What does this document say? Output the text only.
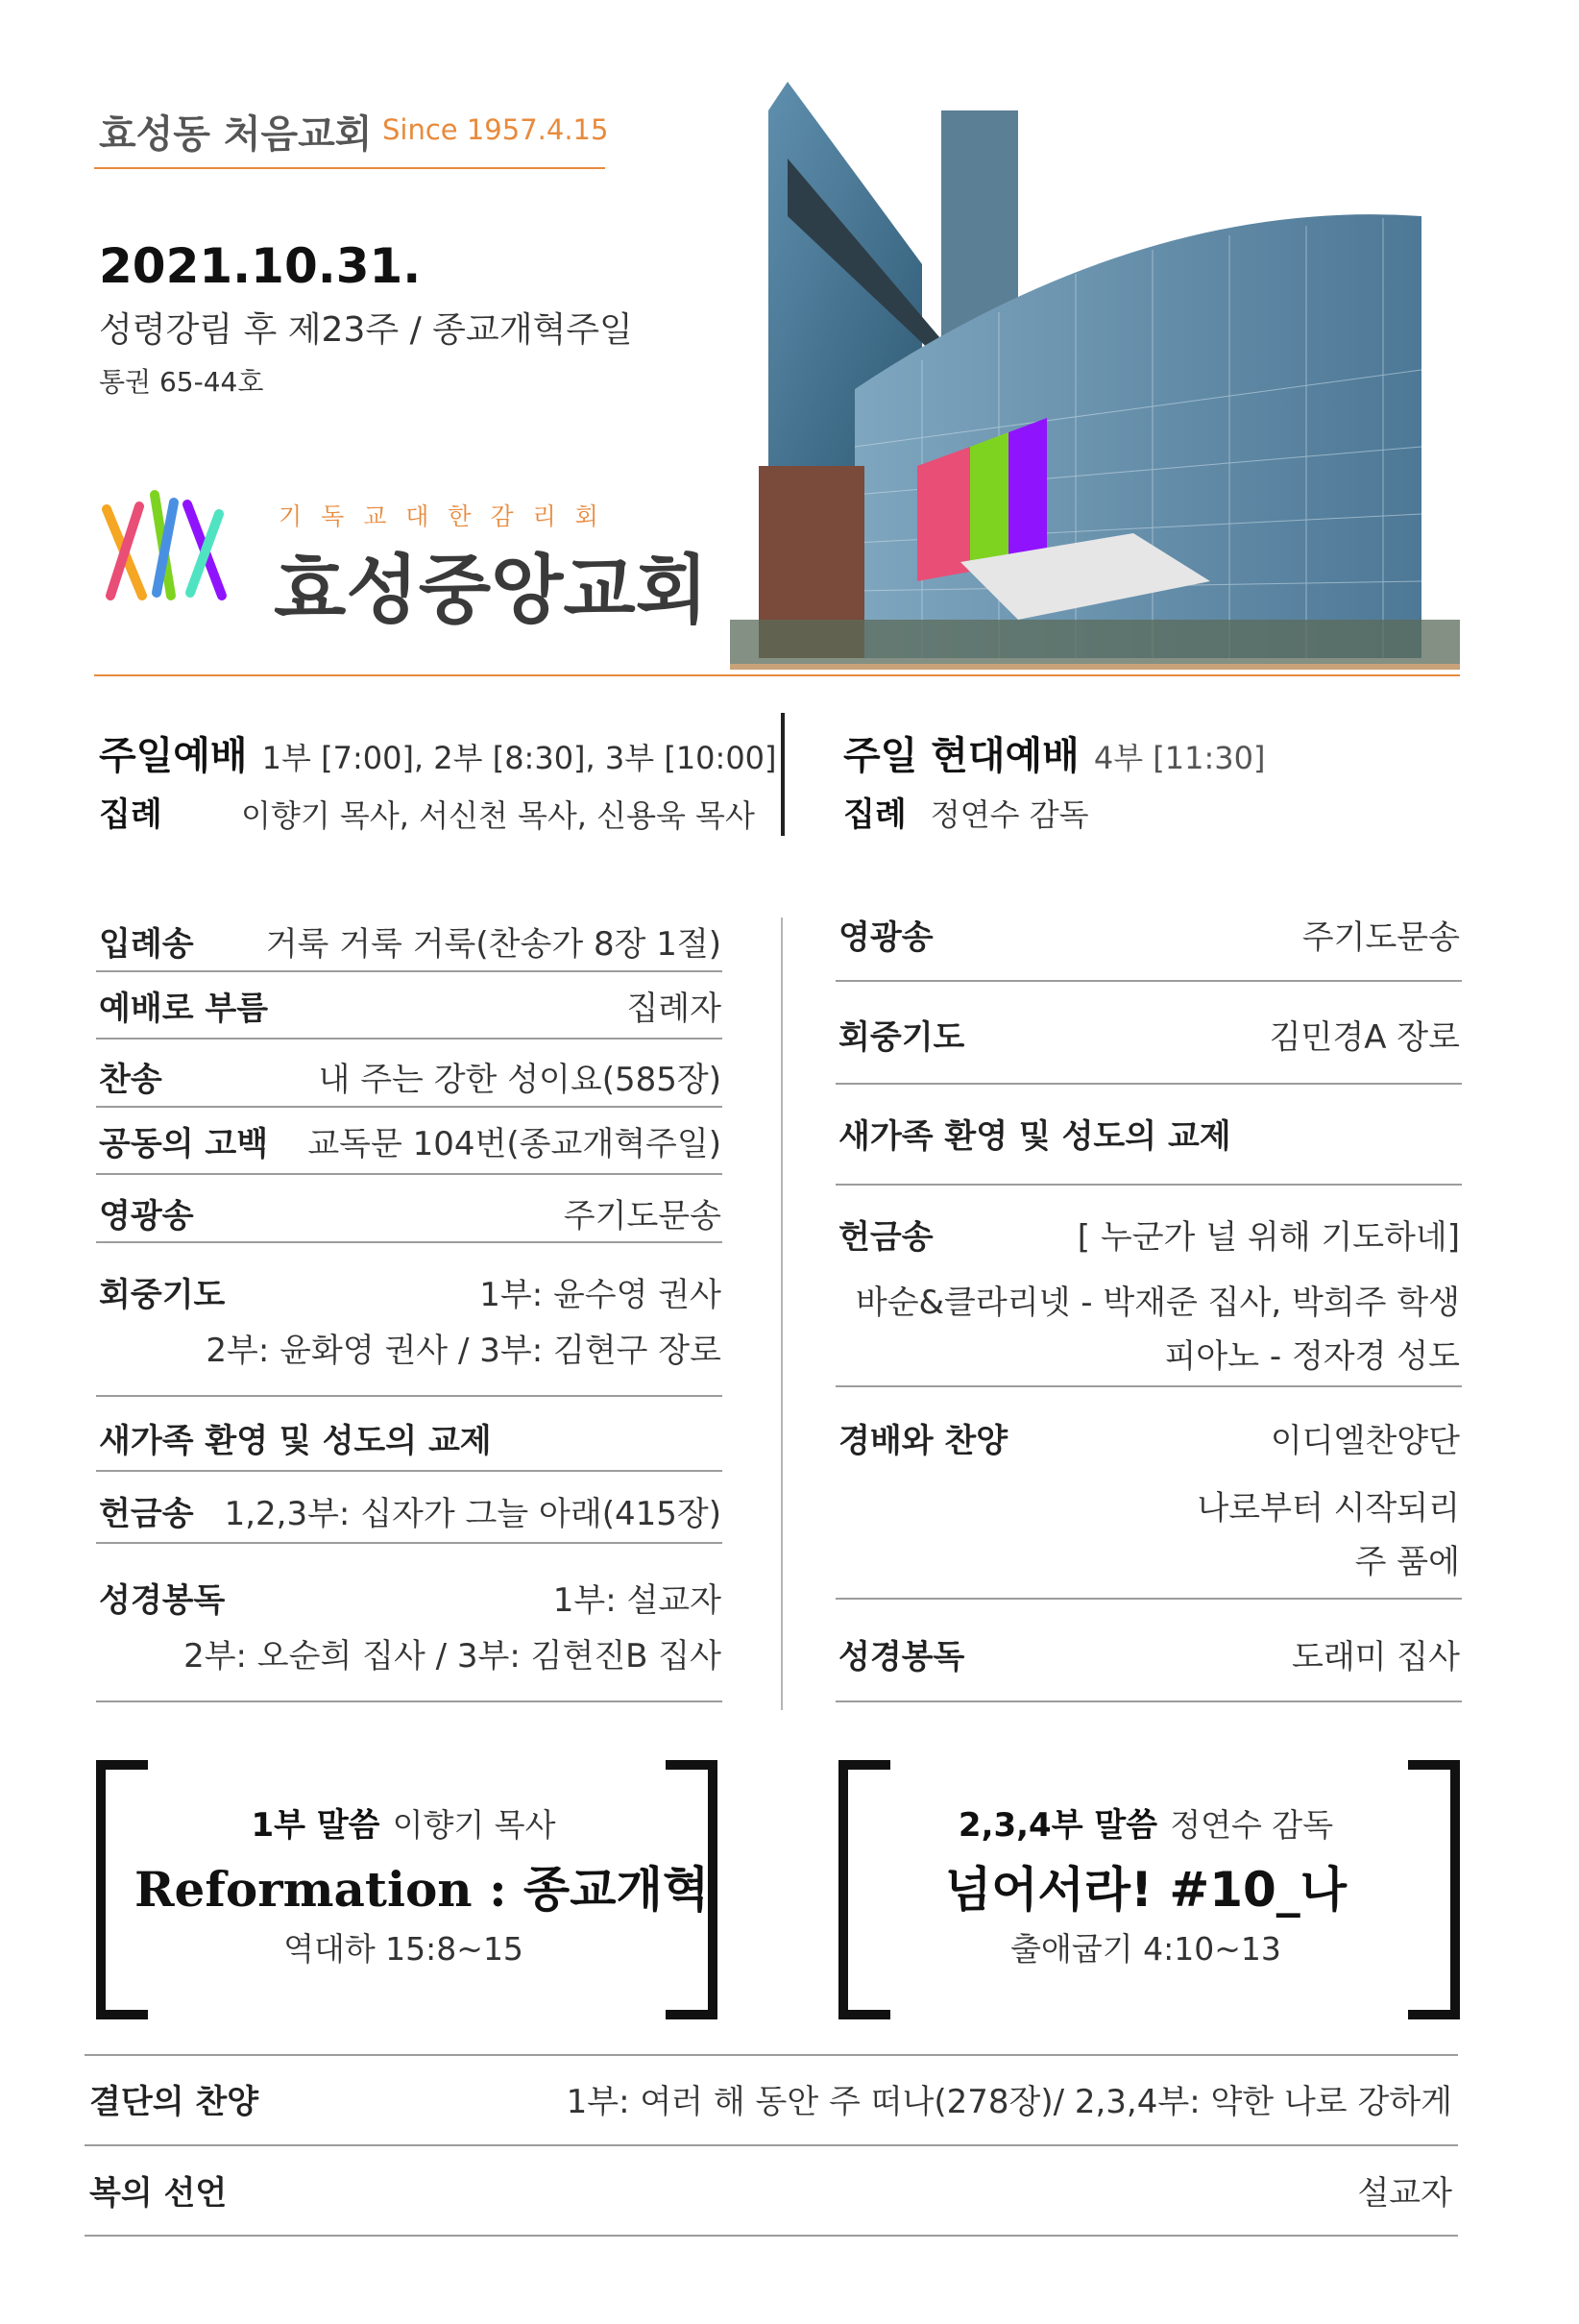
효성동 처음교회 Since 1957.4.15
2021.10.31.
성령강림 후 제23주 / 종교개혁주일
통권 65-44호
기 독 교 대 한 감 리 회
효성중앙교회
주일예배 1부 [7:00], 2부 [8:30], 3부 [10:00]
집례	이향기 목사, 서신천 목사, 신용욱 목사
주일 현대예배 4부 [11:30]
집례 정연수 감독
입례송 거룩 거룩 거룩(찬송가 8장 1절)
예배로 부름	집례자
찬송	내 주는 강한 성이요(585장)
공동의 고백 교독문 104번(종교개혁주일)
영광송	주기도문송
회중기도	1부: 윤수영 권사
2부: 윤화영 권사 / 3부: 김현구 장로
새가족 환영 및 성도의 교제
헌금송 1,2,3부: 십자가 그늘 아래(415장)
성경봉독	1부: 설교자
2부: 오순희 집사 / 3부: 김현진B 집사
영광송	주기도문송
회중기도	김민경A 장로
새가족 환영 및 성도의 교제
헌금송	[ 누군가 널 위해 기도하네]
바순&클라리넷 - 박재준 집사, 박희주 학생
피아노 - 정자경 성도
경배와 찬양	이디엘찬양단
나로부터 시작되리
주 품에
성경봉독	도래미 집사
1부 말씀 이향기 목사
Reformation : 종교개혁
역대하 15:8~15
2,3,4부 말씀 정연수 감독
넘어서라! #10_나
출애굽기 4:10~13
결단의 찬양	1부: 여러 해 동안 주 떠나(278장)/ 2,3,4부: 약한 나로 강하게
복의 선언	설교자
